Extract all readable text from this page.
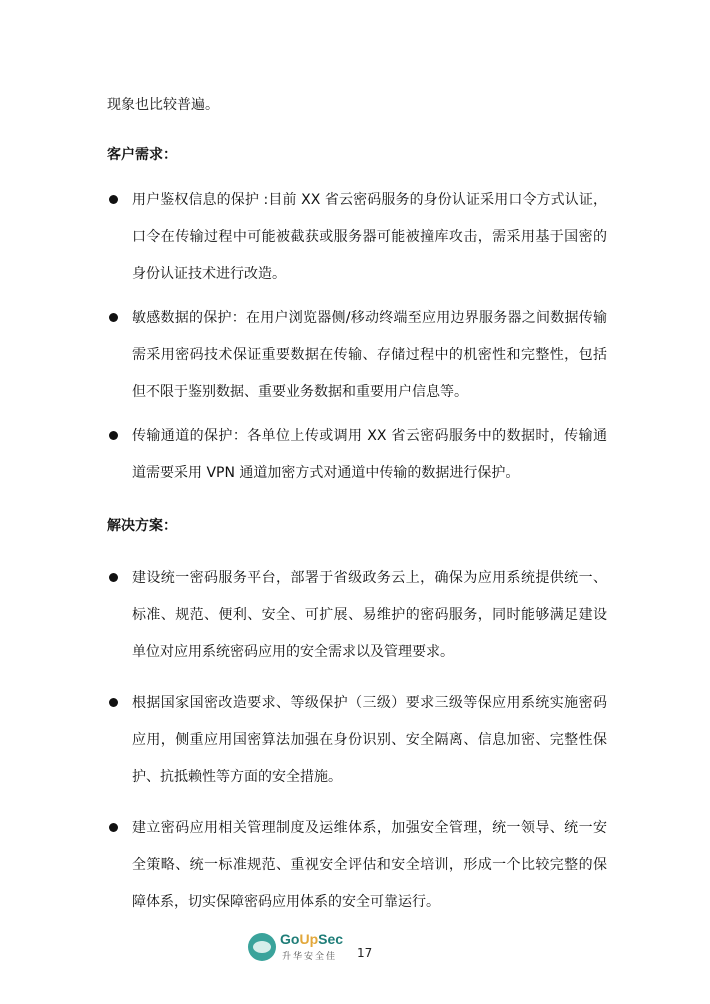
现象也比较普遍。
客户需求：
用户鉴权信息的保护 :目前 XX 省云密码服务的身份认证采用口令方式认证，口令在传输过程中可能被截获或服务器可能被撞库攻击，需采用基于国密的身份认证技术进行改造。
敏感数据的保护：在用户浏览器侧/移动终端至应用边界服务器之间数据传输需采用密码技术保证重要数据在传输、存储过程中的机密性和完整性，包括但不限于鉴别数据、重要业务数据和重要用户信息等。
传输通道的保护：各单位上传或调用 XX 省云密码服务中的数据时，传输通道需要采用 VPN 通道加密方式对通道中传输的数据进行保护。
解决方案：
建设统一密码服务平台，部署于省级政务云上，确保为应用系统提供统一、标准、规范、便利、安全、可扩展、易维护的密码服务，同时能够满足建设单位对应用系统密码应用的安全需求以及管理要求。
根据国家国密改造要求、等级保护（三级）要求三级等保应用系统实施密码应用，侧重应用国密算法加强在身份识别、安全隔离、信息加密、完整性保护、抗抵赖性等方面的安全措施。
建立密码应用相关管理制度及运维体系，加强安全管理，统一领导、统一安全策略、统一标准规范、重视安全评估和安全培训，形成一个比较完整的保障体系，切实保障密码应用体系的安全可靠运行。
GoUpSec
升华安全佳 17
